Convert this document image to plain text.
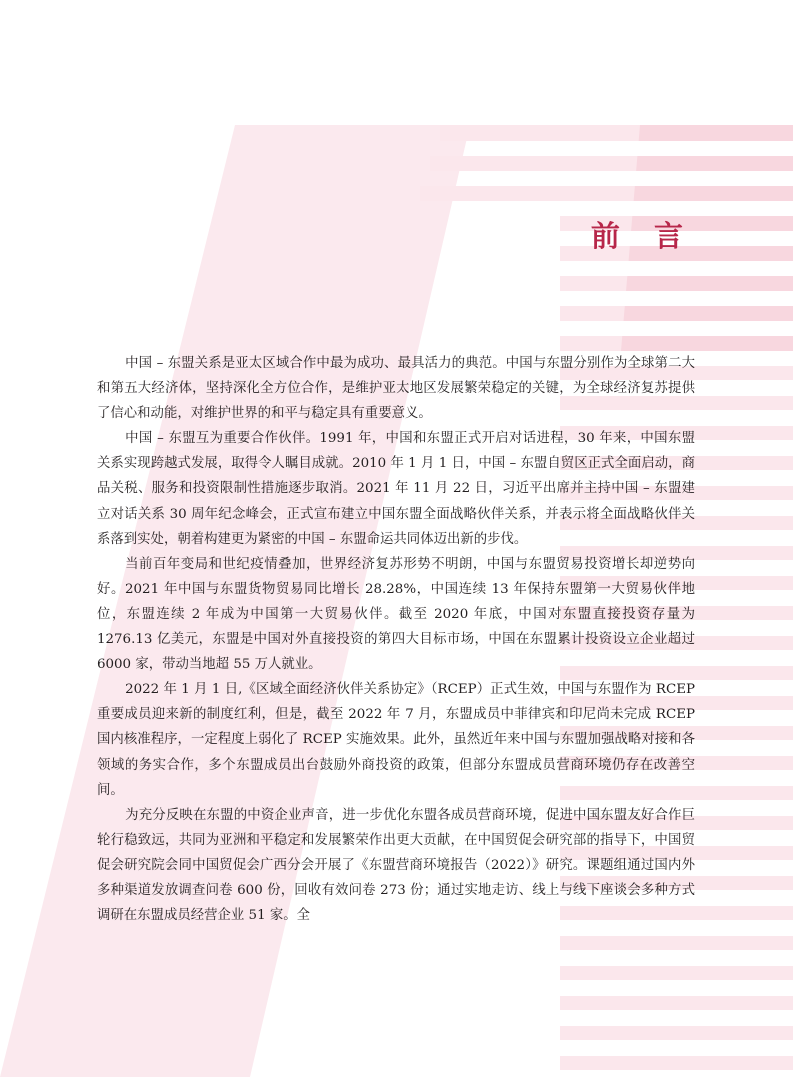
前 言

中国 – 东盟关系是亚太区域合作中最为成功、最具活力的典范。中国与东盟分别作为全球第二大和第五大经济体，坚持深化全方位合作，是维护亚太地区发展繁荣稳定的关键，为全球经济复苏提供了信心和动能，对维护世界的和平与稳定具有重要意义。

中国 – 东盟互为重要合作伙伴。1991 年，中国和东盟正式开启对话进程，30 年来，中国东盟关系实现跨越式发展，取得令人瞩目成就。2010 年 1 月 1 日，中国 – 东盟自贸区正式全面启动，商品关税、服务和投资限制性措施逐步取消。2021 年 11 月 22 日，习近平出席并主持中国 – 东盟建立对话关系 30 周年纪念峰会，正式宣布建立中国东盟全面战略伙伴关系，并表示将全面战略伙伴关系落到实处，朝着构建更为紧密的中国 – 东盟命运共同体迈出新的步伐。

当前百年变局和世纪疫情叠加，世界经济复苏形势不明朗，中国与东盟贸易投资增长却逆势向好。2021 年中国与东盟货物贸易同比增长 28.28%，中国连续 13 年保持东盟第一大贸易伙伴地位，东盟连续 2 年成为中国第一大贸易伙伴。截至 2020 年底，中国对东盟直接投资存量为 1276.13 亿美元，东盟是中国对外直接投资的第四大目标市场，中国在东盟累计投资设立企业超过 6000 家，带动当地超 55 万人就业。

2022 年 1 月 1 日,《区域全面经济伙伴关系协定》（RCEP）正式生效，中国与东盟作为 RCEP 重要成员迎来新的制度红利，但是，截至 2022 年 7 月，东盟成员中菲律宾和印尼尚未完成 RCEP 国内核准程序，一定程度上弱化了 RCEP 实施效果。此外，虽然近年来中国与东盟加强战略对接和各领域的务实合作，多个东盟成员出台鼓励外商投资的政策，但部分东盟成员营商环境仍存在改善空间。

为充分反映在东盟的中资企业声音，进一步优化东盟各成员营商环境，促进中国东盟友好合作巨轮行稳致远，共同为亚洲和平稳定和发展繁荣作出更大贡献，在中国贸促会研究部的指导下，中国贸促会研究院会同中国贸促会广西分会开展了《东盟营商环境报告（2022）》研究。课题组通过国内外多种渠道发放调查问卷 600 份，回收有效问卷 273 份；通过实地走访、线上与线下座谈会多种方式调研在东盟成员经营企业 51 家。全
